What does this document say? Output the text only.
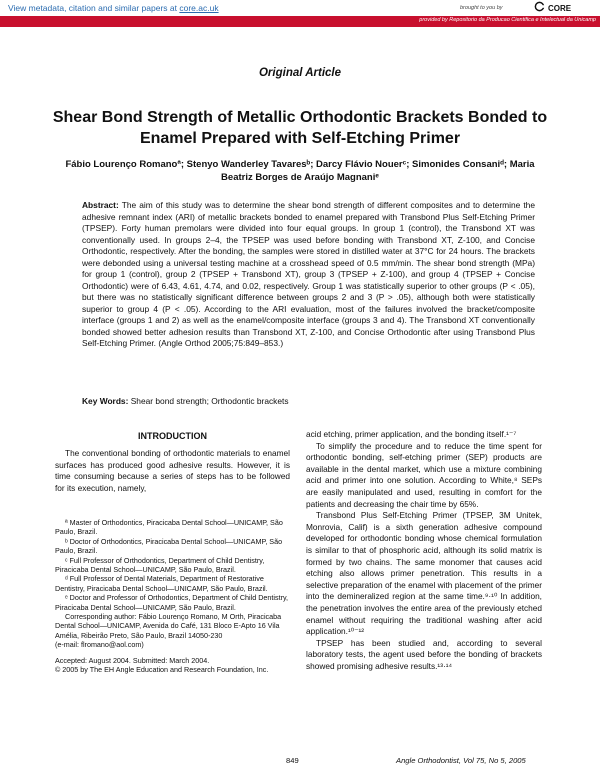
View metadata, citation and similar papers at core.ac.uk	brought to you by	CORE
provided by Repositorio da Producao Cientifica e Intelectual da Unicamp
Original Article
Shear Bond Strength of Metallic Orthodontic Brackets Bonded to Enamel Prepared with Self-Etching Primer
Fábio Lourenço Romanoª; Stenyo Wanderley Tavaresᵇ; Darcy Flávio Nouerᶜ; Simonides Consaniᵈ; Maria Beatriz Borges de Araújo Magnaniᵉ
Abstract: The aim of this study was to determine the shear bond strength of different composites and to determine the adhesive remnant index (ARI) of metallic brackets bonded to enamel prepared with Transbond Plus Self-Etching Primer (TPSEP). Forty human premolars were divided into four equal groups. In group 1 (control), the Transbond XT was conventionally used. In groups 2–4, the TPSEP was used before bonding with Transbond XT, Z-100, and Concise Orthodontic, respectively. After the bonding, the samples were stored in distilled water at 37°C for 24 hours. The brackets were debonded using a universal testing machine at a crosshead speed of 0.5 mm/min. The shear bond strength (MPa) for group 1 (control), group 2 (TPSEP + Transbond XT), group 3 (TPSEP + Z-100), and group 4 (TPSEP + Concise Orthodontic) were of 6.43, 4.61, 4.74, and 0.02, respectively. Group 1 was statistically superior to other groups (P < .05), but there was no statistically significant difference between groups 2 and 3 (P > .05), although both were statistically superior to group 4 (P < .05). According to the ARI evaluation, most of the failures involved the bracket/composite interface (groups 1 and 2) as well as the enamel/composite interface (groups 3 and 4). The Transbond XT conventionally bonded showed better adhesion results than Transbond XT, Z-100, and Concise Orthodontic after using Transbond Plus Self-Etching Primer. (Angle Orthod 2005;75:849–853.)
Key Words: Shear bond strength; Orthodontic brackets
INTRODUCTION

The conventional bonding of orthodontic materials to enamel surfaces has produced good adhesive results. However, it is time consuming because a series of steps has to be followed for its execution, namely,

ª Master of Orthodontics, Piracicaba Dental School—UNICAMP, São Paulo, Brazil.

ᵇ Doctor of Orthodontics, Piracicaba Dental School—UNICAMP, São Paulo, Brazil.

ᶜ Full Professor of Orthodontics, Department of Child Dentistry, Piracicaba Dental School—UNICAMP, São Paulo, Brazil.

ᵈ Full Professor of Dental Materials, Department of Restorative Dentistry, Piracicaba Dental School—UNICAMP, São Paulo, Brazil.

ᵉ Doctor and Professor of Orthodontics, Department of Child Dentistry, Piracicaba Dental School—UNICAMP, São Paulo, Brazil.

Corresponding author: Fábio Lourenço Romano, M Orth, Piracicaba Dental School—UNICAMP, Avenida do Café, 131 Bloco E-Apto 16 Vila Amélia, Ribeirão Preto, São Paulo, Brazil 14050-230

(e-mail: flromano@aol.com)

Accepted: August 2004. Submitted: March 2004.

© 2005 by The EH Angle Education and Research Foundation, Inc.

acid etching, primer application, and the bonding itself.¹⁻⁷

To simplify the procedure and to reduce the time spent for orthodontic bonding, self-etching primer (SEP) products are available in the dental market, which use a mixture combining acid and primer into one solution. According to White,⁸ SEPs are easily manipulated and used, resulting in comfort for the patients and decreasing the chair time by 65%.

Transbond Plus Self-Etching Primer (TPSEP, 3M Unitek, Monrovia, Calif) is a sixth generation adhesive compound developed for orthodontic bonding whose chemical formulation is similar to that of phosphoric acid, although its solid matrix is formed by two chains. The same monomer that causes acid etching also allows primer penetration. This results in a selective preparation of the enamel with placement of the primer into the demineralized region at the same time.⁹·¹⁰ In addition, the penetration involves the entire area of the previously etched enamel without requiring the traditional washing after acid application.¹⁰⁻¹²

TPSEP has been studied and, according to several laboratory tests, the agent used before the bonding of brackets showed promising adhesive results.¹³·¹⁴

849	Angle Orthodontist, Vol 75, No 5, 2005
